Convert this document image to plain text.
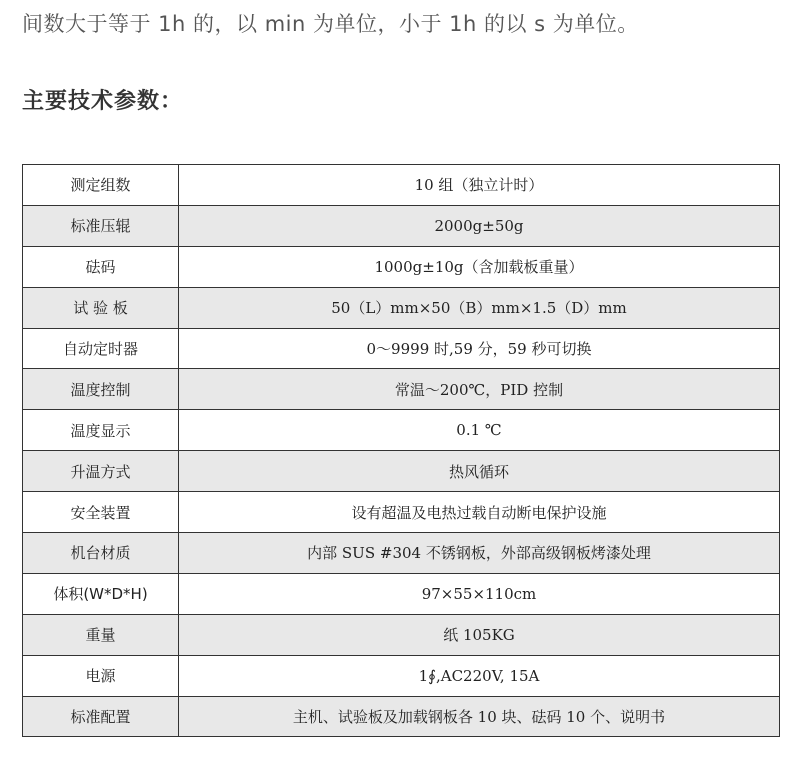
间数大于等于 1h 的，以 min 为单位，小于 1h 的以 s 为单位。
主要技术参数：
测定组数	10 组（独立计时）
标准压辊	2000g±50g
砝码	1000g±10g（含加载板重量）
试 验 板	50（L）mm×50（B）mm×1.5（D）mm
自动定时器	0～9999 时,59 分，59 秒可切换
温度控制	常温～200℃，PID 控制
温度显示	0.1 ℃
升温方式	热风循环
安全装置	设有超温及电热过载自动断电保护设施
机台材质	内部 SUS #304 不锈钢板，外部高级钢板烤漆处理
体积(W*D*H)	97×55×110cm
重量	纸 105KG
电源	1∮,AC220V, 15A
标准配置	主机、试验板及加载钢板各 10 块、砝码 10 个、说明书
